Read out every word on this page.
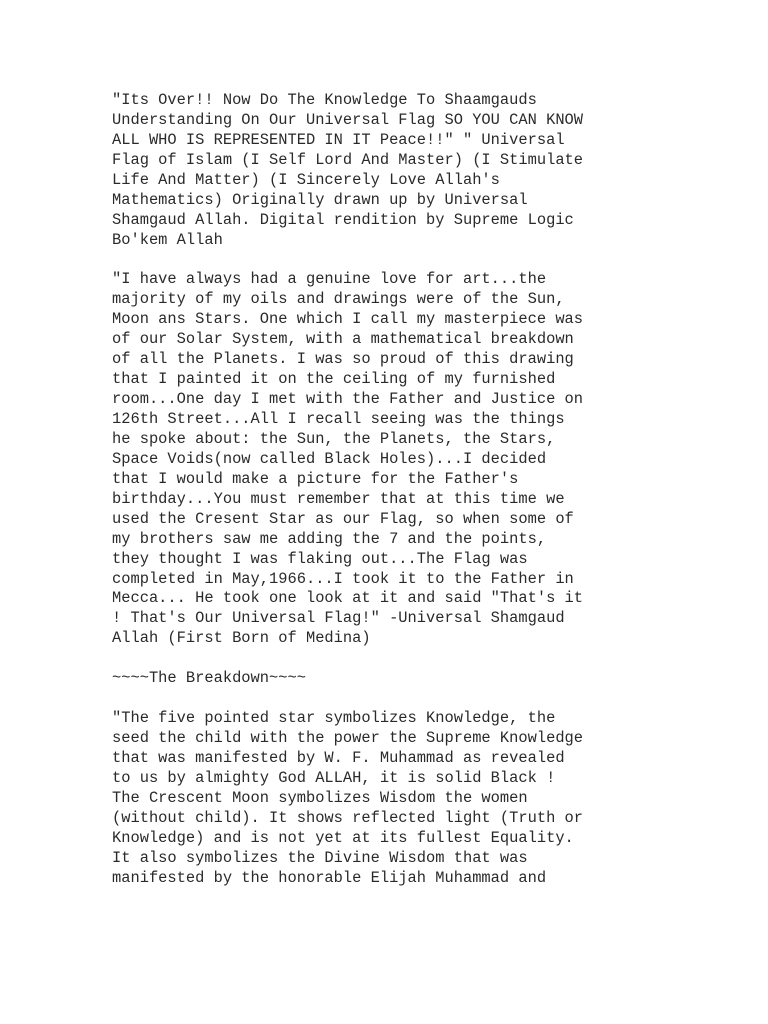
"Its Over!! Now Do The Knowledge To Shaamgauds
Understanding On Our Universal Flag SO YOU CAN KNOW
ALL WHO IS REPRESENTED IN IT Peace!!" " Universal
Flag of Islam (I Self Lord And Master) (I Stimulate
Life And Matter) (I Sincerely Love Allah's
Mathematics) Originally drawn up by Universal
Shamgaud Allah. Digital rendition by Supreme Logic
Bo'kem Allah
"I have always had a genuine love for art...the
majority of my oils and drawings were of the Sun,
Moon ans Stars. One which I call my masterpiece was
of our Solar System, with a mathematical breakdown
of all the Planets. I was so proud of this drawing
that I painted it on the ceiling of my furnished
room...One day I met with the Father and Justice on
126th Street...All I recall seeing was the things
he spoke about: the Sun, the Planets, the Stars,
Space Voids(now called Black Holes)...I decided
that I would make a picture for the Father's
birthday...You must remember that at this time we
used the Cresent Star as our Flag, so when some of
my brothers saw me adding the 7 and the points,
they thought I was flaking out...The Flag was
completed in May,1966...I took it to the Father in
Mecca... He took one look at it and said "That's it
! That's Our Universal Flag!" -Universal Shamgaud
Allah (First Born of Medina)
~~~~The Breakdown~~~~
"The five pointed star symbolizes Knowledge, the
seed the child with the power the Supreme Knowledge
that was manifested by W. F. Muhammad as revealed
to us by almighty God ALLAH, it is solid Black !
The Crescent Moon symbolizes Wisdom the women
(without child). It shows reflected light (Truth or
Knowledge) and is not yet at its fullest Equality.
It also symbolizes the Divine Wisdom that was
manifested by the honorable Elijah Muhammad and
